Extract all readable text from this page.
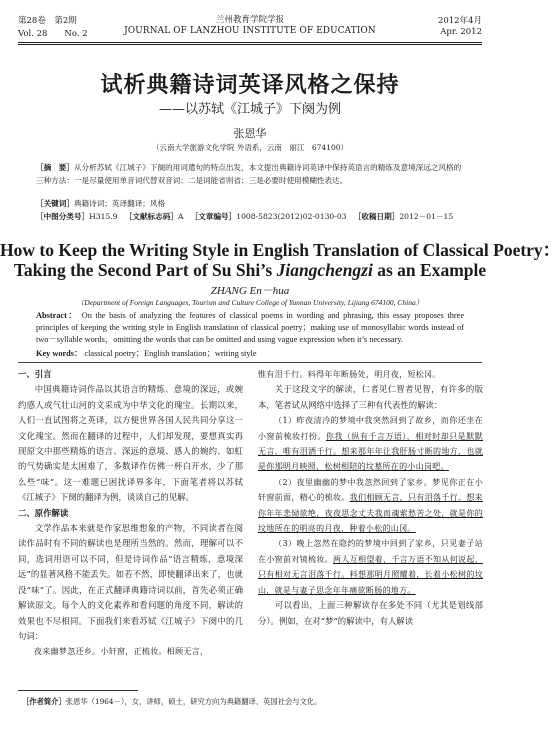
第28卷　第2期
Vol. 28　　No. 2
兰州教育学院学报
JOURNAL OF LANZHOU INSTITUTE OF EDUCATION
2012年4月
Apr. 2012
试析典籍诗词英译风格之保持
——以苏轼《江城子》下阕为例
张恩华
（云南大学旅游文化学院 外语系，云南　丽江　674100）
［摘　要］从分析苏轼《江城子》下阕的用词遣句的特点出发，本文提出典籍诗词英译中保持英语言的精炼及意境深远之风格的三种方法：一是尽量使用单音词代替双音词；二是词能省则省；三是必要时使用模糊性表达。
［关键词］典籍诗词；英译翻译；风格
［中图分类号］H315.9 ［文献标志码］A ［文章编号］1008-5823(2012)02-0130-03 ［收稿日期］2012－01－15
How to Keep the Writing Style in English Translation of Classical Poetry：
Taking the Second Part of Su Shi’s Jiangchengzi as an Example
ZHANG En－hua
（Department of Foreign Languages, Tourism and Culture College of Yunnan University, Lijiang 674100, China）
Abstract： On the basis of analyzing the features of classical poems in wording and phrasing, this essay proposes three principles of keeping the writing style in English translation of classical poetry；making use of monosyllabic words instead of two－syllable words，omitting the words that can be omitted and using vague expression when it’s necessary.
Key words： classical poetry；English translation；writing style

一、引言

中国典籍诗词作品以其语言的精炼、意境的深远，或婉约感人或气壮山河的文采成为中华文化的瑰宝。长期以来，人们一直试图将之英译，以方便世界各国人民共同分享这一文化瑰宝。然而在翻译的过程中，人们却发现，要想真实再现原文中那些精炼的语言、深远的意境、感人的婉约、如虹的气势确实是太困难了，多数译作仿佛一杯白开水，少了那么些“味”。这一难题已困扰译界多年，下面笔者将以苏轼《江城子》下阕的翻译为例，谈谈自己的见解。

二、原作解读

文学作品本来就是作家思维想象的产物，不同读者在阅读作品时有不同的解读也是理所当然的。然而，理解可以不同，选词用语可以不同，但是诗词作品“语言精炼，意境深远”的显著风格不能丢失。如若不然，即使翻译出来了，也就没“味”了。因此，在正式翻译典籍诗词以前，首先必须正确解读原文。每个人的文化素养和看问题的角度不同，解读的效果也不尽相同。下面我们来看苏轼《江城子》下阕中的几句词：

夜来幽梦忽还乡。小轩窗，正梳妆。相顾无言，

惟有泪千行。料得年年断肠处，明月夜，短松冈。

关于这段文字的解读，仁者见仁智者见智，有许多的版本，笔者试从网络中选择了三种有代表性的解读：

（1）昨夜清冷的梦境中我突然回到了故乡，而你还坐在小窗前梳妆打扮。你我（纵有千言万语），相对时却只是默默无言，唯有泪洒千行。想来那年年让我肝肠寸断的地方，也就是你那明月映照，松树相陪的坟墓所在的小山岗吧。

（2）夜里幽幽的梦中我忽然回到了家乡。梦见你正在小轩窗前面，精心的梳妆。我们相顾无言，只有泪落千行。想来你年年悲恸欲绝，夜夜思念丈夫我而魂萦愁苦之处，就是你的坟地所在的明亮的月夜，种着小松的山冈。

（3）晚上忽然在隐约的梦境中回到了家乡，只见妻子站在小窗前对镜梳妆。两人互相望着，千言万语不知从何说起，只有相对无言泪落千行。料想那明月照耀着，长着小松树的坟山，就是与妻子思念年年痛欲断肠的地方。

可以看出，上面三种解读存在多处不同（尤其是划线部分）。例如，在对“梦”的解读中，有人解读

［作者简介］张恩华（1964－），女，讲师，硕士，研究方向为典籍翻译、英国社会与文化。
